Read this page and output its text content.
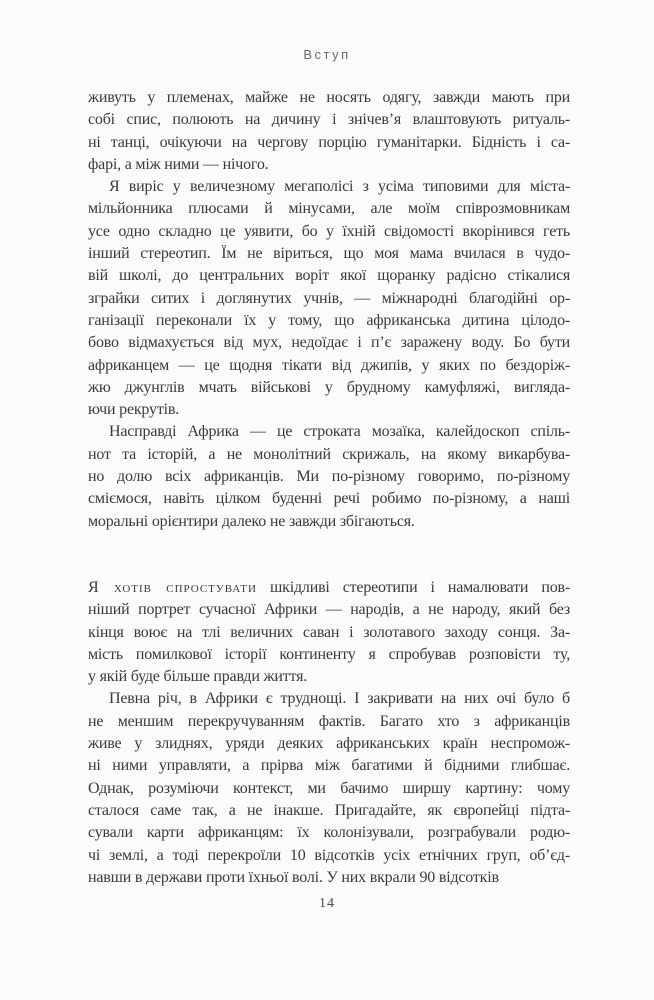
Вступ
живуть у племенах, майже не носять одягу, завжди мають при
собі спис, полюють на дичину і знічев’я влаштовують ритуаль-
ні танці, очікуючи на чергову порцію гуманітарки. Бідність і са-
фарі, а між ними — нічого.
Я виріс у величезному мегаполісі з усіма типовими для міста-
мільйонника плюсами й мінусами, але моїм співрозмовникам
усе одно складно це уявити, бо у їхній свідомості вкорінився геть
інший стереотип. Їм не віриться, що моя мама вчилася в чудо-
вій школі, до центральних воріт якої щоранку радісно стікалися
зграйки ситих і доглянутих учнів, — міжнародні благодійні ор-
ганізації переконали їх у тому, що африканська дитина цілодо-
бово відмахується від мух, недоїдає і п’є заражену воду. Бо бути
африканцем — це щодня тікати від джипів, у яких по бездоріж-
жю джунглів мчать військові у брудному камуфляжі, вигляда-
ючи рекрутів.
Насправді Африка — це строката мозаїка, калейдоскоп спіль-
нот та історій, а не монолітний скрижаль, на якому викарбува-
но долю всіх африканців. Ми по-різному говоримо, по-різному
сміємося, навіть цілком буденні речі робимо по-різному, а наші
моральні орієнтири далеко не завжди збігаються.
Я хотів спростувати шкідливі стереотипи і намалювати пов-
ніший портрет сучасної Африки — народів, а не народу, який без
кінця воює на тлі величних саван і золотавого заходу сонця. За-
мість помилкової історії континенту я спробував розповісти ту,
у якій буде більше правди життя.
Певна річ, в Африки є труднощі. І закривати на них очі було б
не меншим перекручуванням фактів. Багато хто з африканців
живе у злиднях, уряди деяких африканських країн неспромож-
ні ними управляти, а прірва між багатими й бідними глибшає.
Однак, розуміючи контекст, ми бачимо ширшу картину: чому
сталося саме так, а не інакше. Пригадайте, як європейці підта-
сували карти африканцям: їх колонізували, розграбували родю-
чі землі, а тоді перекроїли 10 відсотків усіх етнічних груп, об’єд-
навши в держави проти їхньої волі. У них вкрали 90 відсотків
14
